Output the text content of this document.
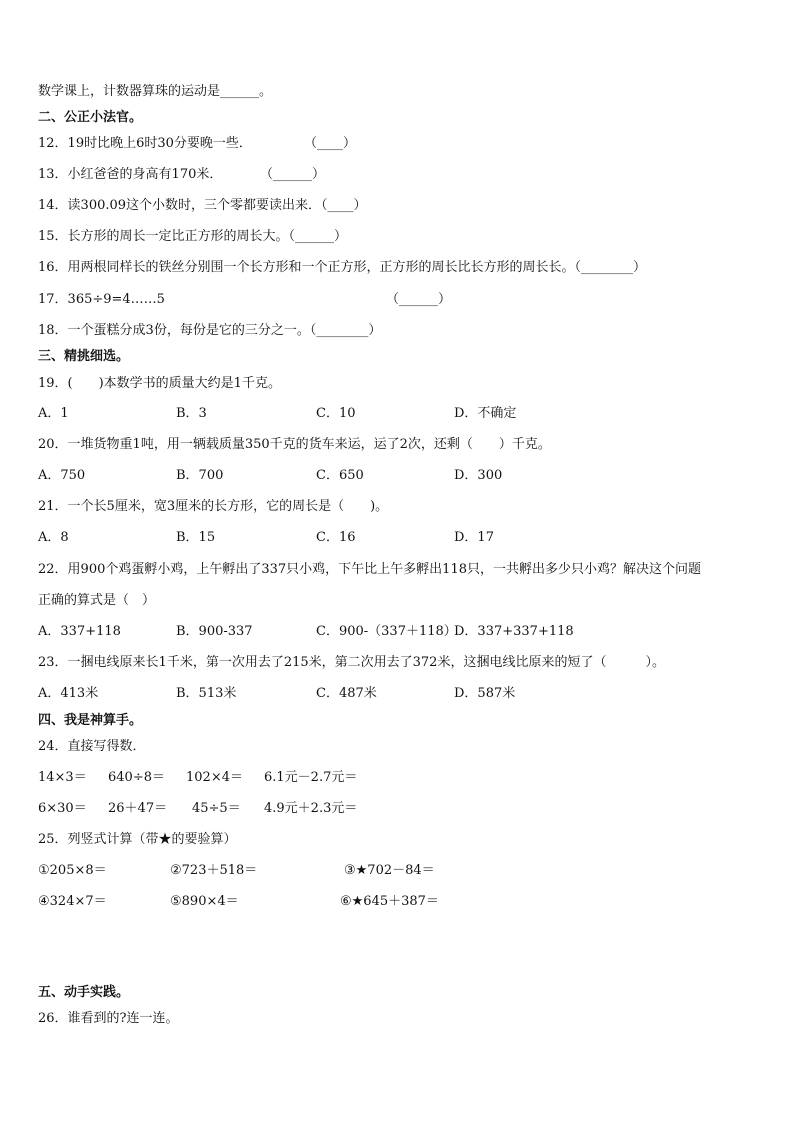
数学课上，计数器算珠的运动是______。
二、公正小法官。
12．19时比晚上6时30分要晚一些．	（____）
13．小红爸爸的身高有170米．	（______）
14．读300.09这个小数时，三个零都要读出来．（____）
15．长方形的周长一定比正方形的周长大。（______）
16．用两根同样长的铁丝分别围一个长方形和一个正方形，正方形的周长比长方形的周长长。（________）
17．365÷9=4……5	（______）
18．一个蛋糕分成3份，每份是它的三分之一。（________）
三、精挑细选。
19．(　　)本数学书的质量大约是1千克。
A．1	B．3	C．10	D．不确定
20．一堆货物重1吨，用一辆载质量350千克的货车来运，运了2次，还剩（　　）千克。
A．750	B．700	C．650	D．300
21．一个长5厘米，宽3厘米的长方形，它的周长是（　　)。
A．8	B．15	C．16	D．17
22．用900个鸡蛋孵小鸡，上午孵出了337只小鸡，下午比上午多孵出118只，一共孵出多少只小鸡？解决这个问题
正确的算式是（　）
A．337+118	B．900-337	C．900-（337＋118）
D．337+337+118
23．一捆电线原来长1千米，第一次用去了215米，第二次用去了372米，这捆电线比原来的短了（　　　）。
A．413米	B．513米	C．487米	D．587米
四、我是神算手。
24．直接写得数．
14×3＝ 640÷8＝ 102×4＝ 6.1元－2.7元＝
6×30＝ 26＋47＝ 45÷5＝ 4.9元＋2.3元＝
25．列竖式计算（带★的要验算）
①205×8＝	②723＋518＝	③★702－84＝
④324×7＝	⑤890×4＝	⑥★645＋387＝
五、动手实践。
26．谁看到的?连一连。
